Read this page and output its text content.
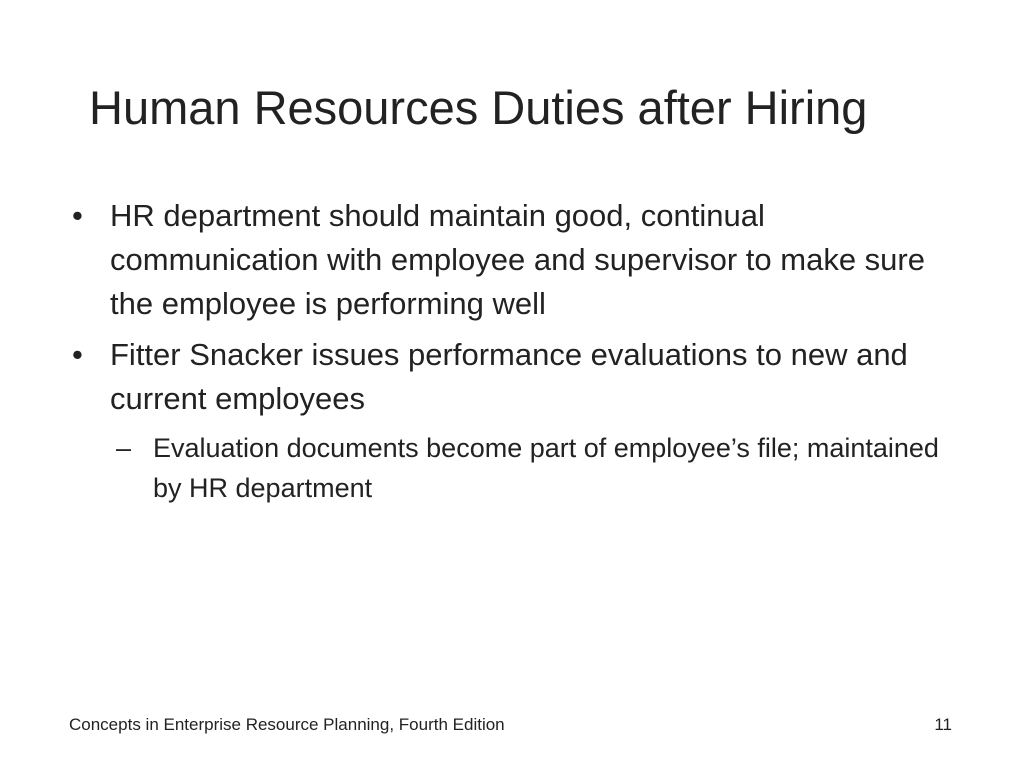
Human Resources Duties after Hiring
• HR department should maintain good, continual communication with employee and supervisor to make sure the employee is performing well
• Fitter Snacker issues performance evaluations to new and current employees
– Evaluation documents become part of employee’s file; maintained by HR department
Concepts in Enterprise Resource Planning, Fourth Edition	11
